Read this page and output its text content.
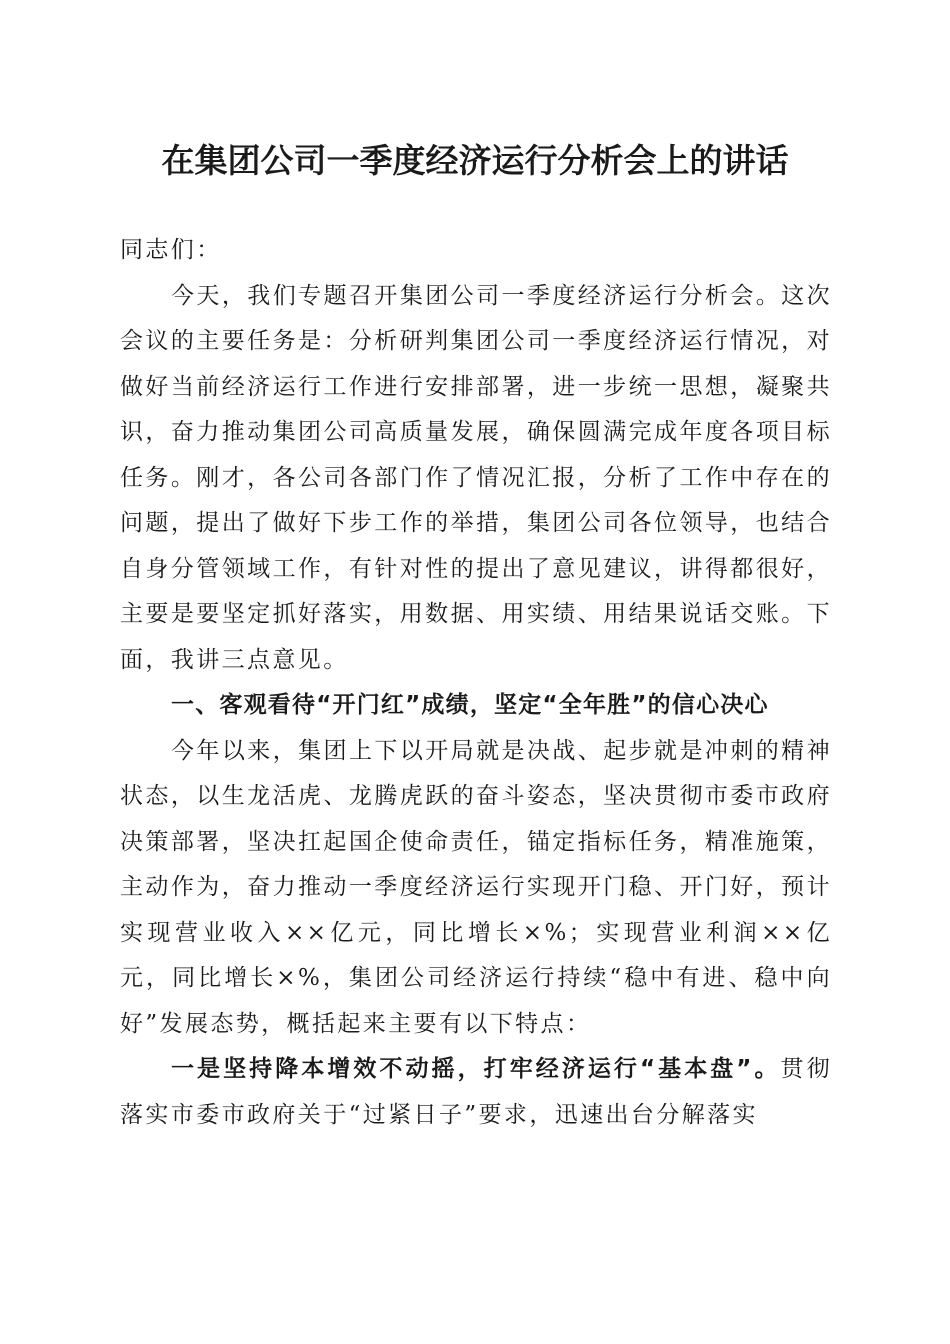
在集团公司一季度经济运行分析会上的讲话

同志们：

今天，我们专题召开集团公司一季度经济运行分析会。这次会议的主要任务是：分析研判集团公司一季度经济运行情况，对做好当前经济运行工作进行安排部署，进一步统一思想，凝聚共识，奋力推动集团公司高质量发展，确保圆满完成年度各项目标任务。刚才，各公司各部门作了情况汇报，分析了工作中存在的问题，提出了做好下步工作的举措，集团公司各位领导，也结合自身分管领域工作，有针对性的提出了意见建议，讲得都很好，主要是要坚定抓好落实，用数据、用实绩、用结果说话交账。下面，我讲三点意见。

一、客观看待“开门红”成绩，坚定“全年胜”的信心决心

今年以来，集团上下以开局就是决战、起步就是冲刺的精神状态，以生龙活虎、龙腾虎跃的奋斗姿态，坚决贯彻市委市政府决策部署，坚决扛起国企使命责任，锚定指标任务，精准施策，主动作为，奋力推动一季度经济运行实现开门稳、开门好，预计实现营业收入××亿元，同比增长×%；实现营业利润××亿元，同比增长×%，集团公司经济运行持续“稳中有进、稳中向好”发展态势，概括起来主要有以下特点：

一是坚持降本增效不动摇，打牢经济运行“基本盘”。贯彻落实市委市政府关于“过紧日子”要求，迅速出台分解落实
